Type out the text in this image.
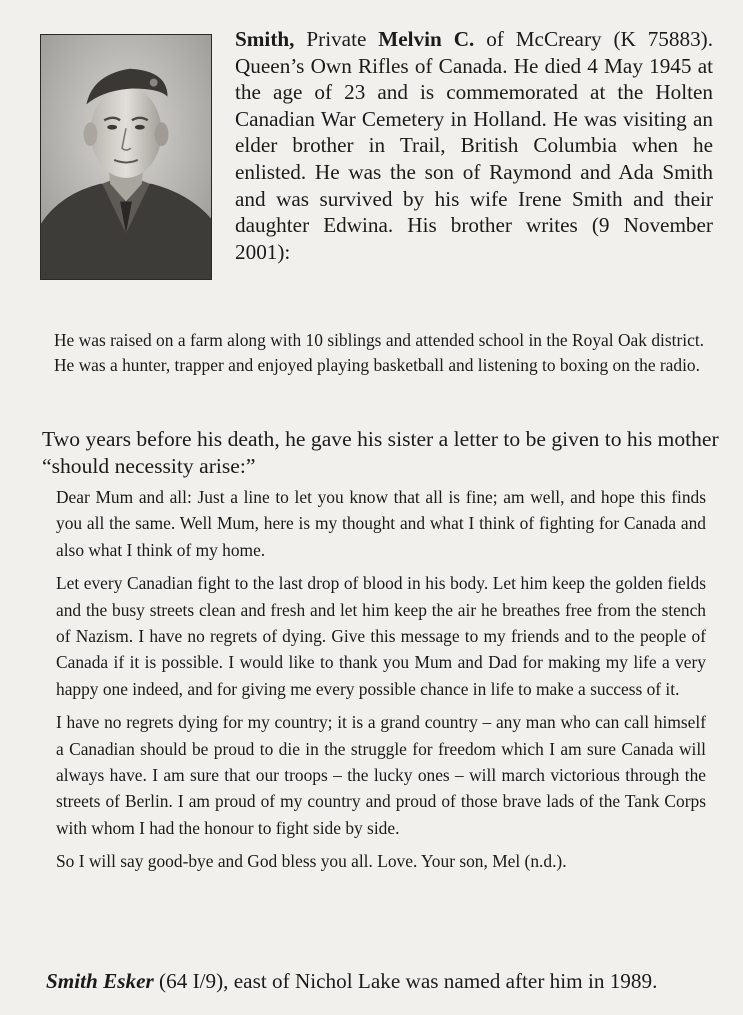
Smith, Private Melvin C. of McCreary (K 75883). Queen’s Own Rifles of Canada. He died 4 May 1945 at the age of 23 and is commemorated at the Holten Canadian War Cemetery in Holland. He was visiting an elder brother in Trail, British Columbia when he enlisted. He was the son of Raymond and Ada Smith and was survived by his wife Irene Smith and their daughter Edwina. His brother writes (9 November 2001):
He was raised on a farm along with 10 siblings and attended school in the Royal Oak district. He was a hunter, trapper and enjoyed playing basketball and listening to boxing on the radio.
Two years before his death, he gave his sister a letter to be given to his mother “should necessity arise:”

Dear Mum and all: Just a line to let you know that all is fine; am well, and hope this finds you all the same. Well Mum, here is my thought and what I think of fighting for Canada and also what I think of my home.

Let every Canadian fight to the last drop of blood in his body. Let him keep the golden fields and the busy streets clean and fresh and let him keep the air he breathes free from the stench of Nazism. I have no regrets of dying. Give this message to my friends and to the people of Canada if it is possible. I would like to thank you Mum and Dad for making my life a very happy one indeed, and for giving me every possible chance in life to make a success of it.

I have no regrets dying for my country; it is a grand country – any man who can call himself a Canadian should be proud to die in the struggle for freedom which I am sure Canada will always have. I am sure that our troops – the lucky ones – will march victorious through the streets of Berlin. I am proud of my country and proud of those brave lads of the Tank Corps with whom I had the honour to fight side by side.

So I will say good-bye and God bless you all. Love. Your son, Mel (n.d.).

Smith Esker (64 I/9), east of Nichol Lake was named after him in 1989.
